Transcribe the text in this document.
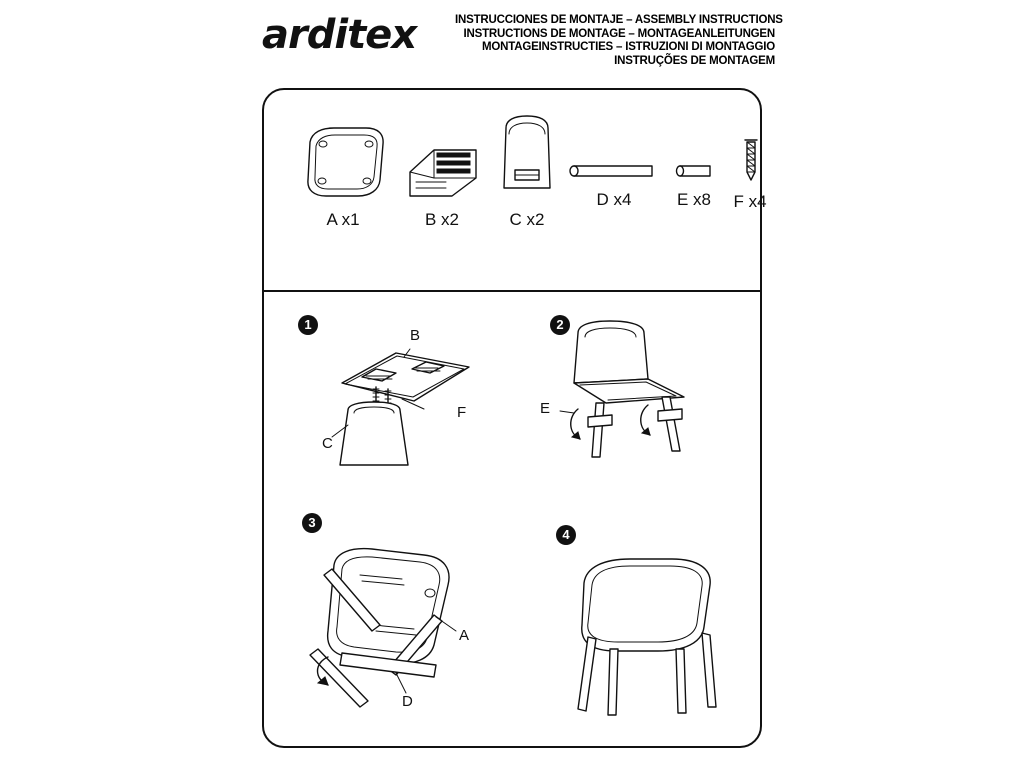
arditex	INSTRUCCIONES DE MONTAJE – ASSEMBLY INSTRUCTIONS
INSTRUCTIONS DE MONTAGE – MONTAGEANLEITUNGEN
MONTAGEINSTRUCTIES – ISTRUZIONI DI MONTAGGIO
INSTRUÇÕES DE MONTAGEM
A x1	B x2	C x2
D x4	E x8	F x4
1
B
F
C
2
E
3
A
D
4
